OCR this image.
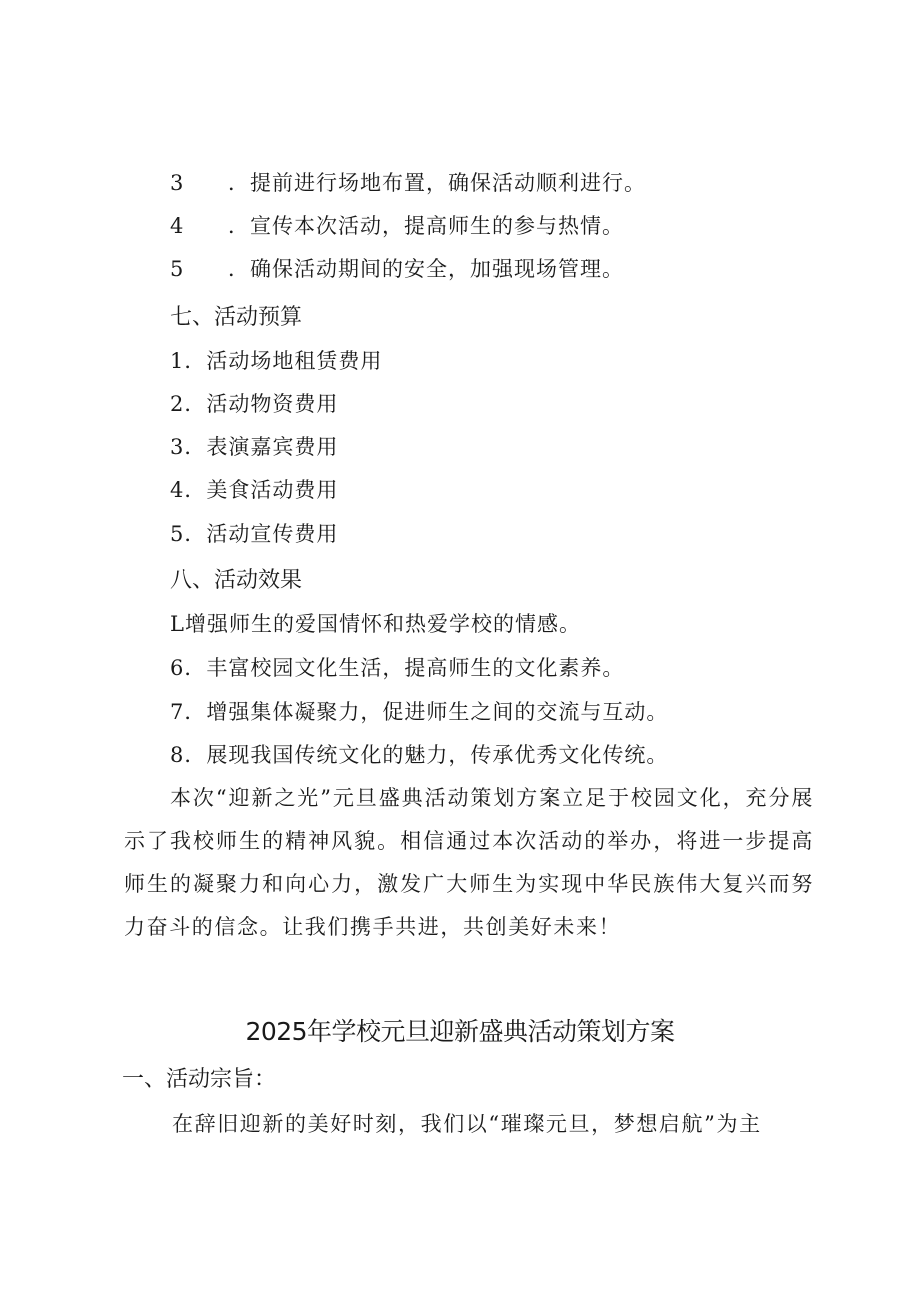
3 ．提前进行场地布置，确保活动顺利进行。
4 ．宣传本次活动，提高师生的参与热情。
5 ．确保活动期间的安全，加强现场管理。
七、活动预算
1．活动场地租赁费用
2．活动物资费用
3．表演嘉宾费用
4．美食活动费用
5．活动宣传费用
八、活动效果
L增强师生的爱国情怀和热爱学校的情感。
6．丰富校园文化生活，提高师生的文化素养。
7．增强集体凝聚力，促进师生之间的交流与互动。
8．展现我国传统文化的魅力，传承优秀文化传统。

本次“迎新之光”元旦盛典活动策划方案立足于校园文化，充分展示了我校师生的精神风貌。相信通过本次活动的举办，将进一步提高师生的凝聚力和向心力，激发广大师生为实现中华民族伟大复兴而努力奋斗的信念。让我们携手共进，共创美好未来！

2025年学校元旦迎新盛典活动策划方案
一、活动宗旨：
在辞旧迎新的美好时刻，我们以“璀璨元旦，梦想启航”为主
